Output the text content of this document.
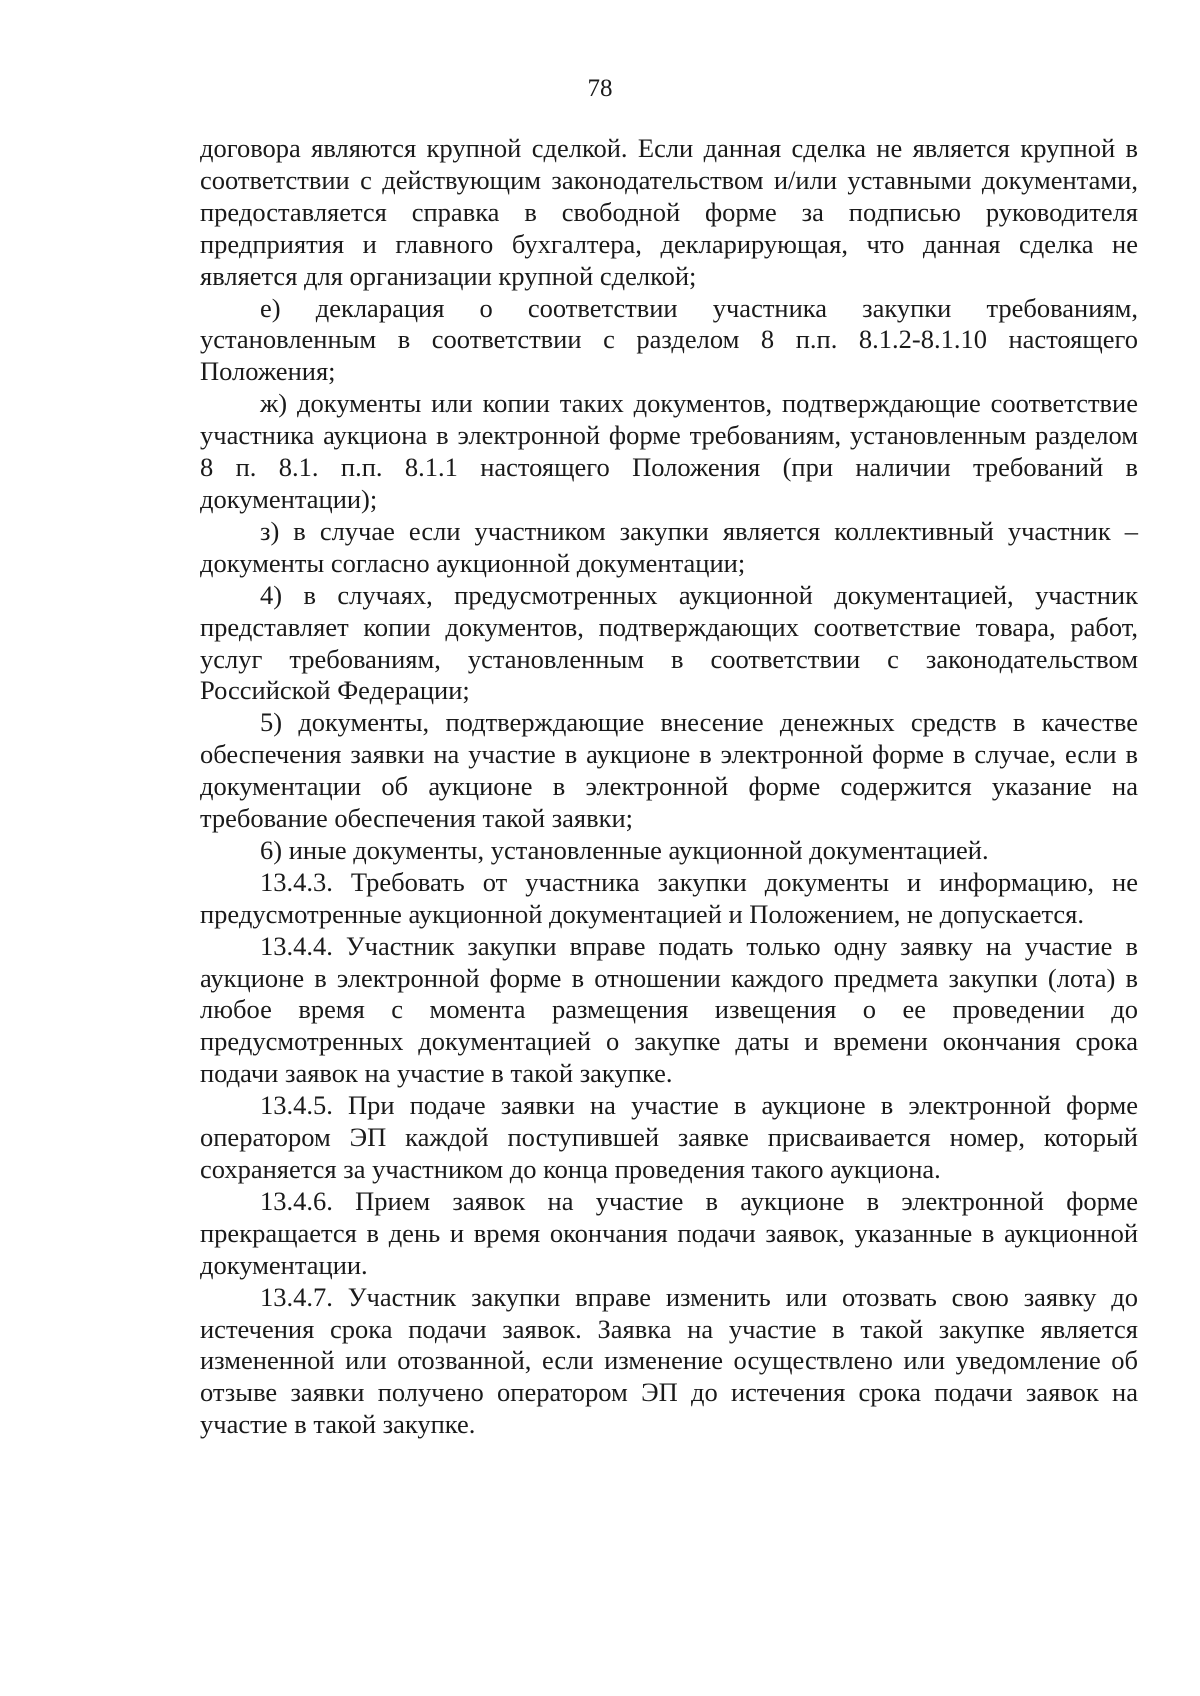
78

договора являются крупной сделкой. Если данная сделка не является крупной в соответствии с действующим законодательством и/или уставными документами, предоставляется справка в свободной форме за подписью руководителя предприятия и главного бухгалтера, декларирующая, что данная сделка не является для организации крупной сделкой;

е) декларация о соответствии участника закупки требованиям, установленным в соответствии с разделом 8 п.п. 8.1.2-8.1.10 настоящего Положения;

ж) документы или копии таких документов, подтверждающие соответствие участника аукциона в электронной форме требованиям, установленным разделом 8 п. 8.1. п.п. 8.1.1 настоящего Положения (при наличии требований в документации);

з) в случае если участником закупки является коллективный участник – документы согласно аукционной документации;

4) в случаях, предусмотренных аукционной документацией, участник представляет копии документов, подтверждающих соответствие товара, работ, услуг требованиям, установленным в соответствии с законодательством Российской Федерации;

5) документы, подтверждающие внесение денежных средств в качестве обеспечения заявки на участие в аукционе в электронной форме в случае, если в документации об аукционе в электронной форме содержится указание на требование обеспечения такой заявки;

6) иные документы, установленные аукционной документацией.

13.4.3. Требовать от участника закупки документы и информацию, не предусмотренные аукционной документацией и Положением, не допускается.

13.4.4. Участник закупки вправе подать только одну заявку на участие в аукционе в электронной форме в отношении каждого предмета закупки (лота) в любое время с момента размещения извещения о ее проведении до предусмотренных документацией о закупке даты и времени окончания срока подачи заявок на участие в такой закупке.

13.4.5. При подаче заявки на участие в аукционе в электронной форме оператором ЭП каждой поступившей заявке присваивается номер, который сохраняется за участником до конца проведения такого аукциона.

13.4.6. Прием заявок на участие в аукционе в электронной форме прекращается в день и время окончания подачи заявок, указанные в аукционной документации.

13.4.7. Участник закупки вправе изменить или отозвать свою заявку до истечения срока подачи заявок. Заявка на участие в такой закупке является измененной или отозванной, если изменение осуществлено или уведомление об отзыве заявки получено оператором ЭП до истечения срока подачи заявок на участие в такой закупке.
